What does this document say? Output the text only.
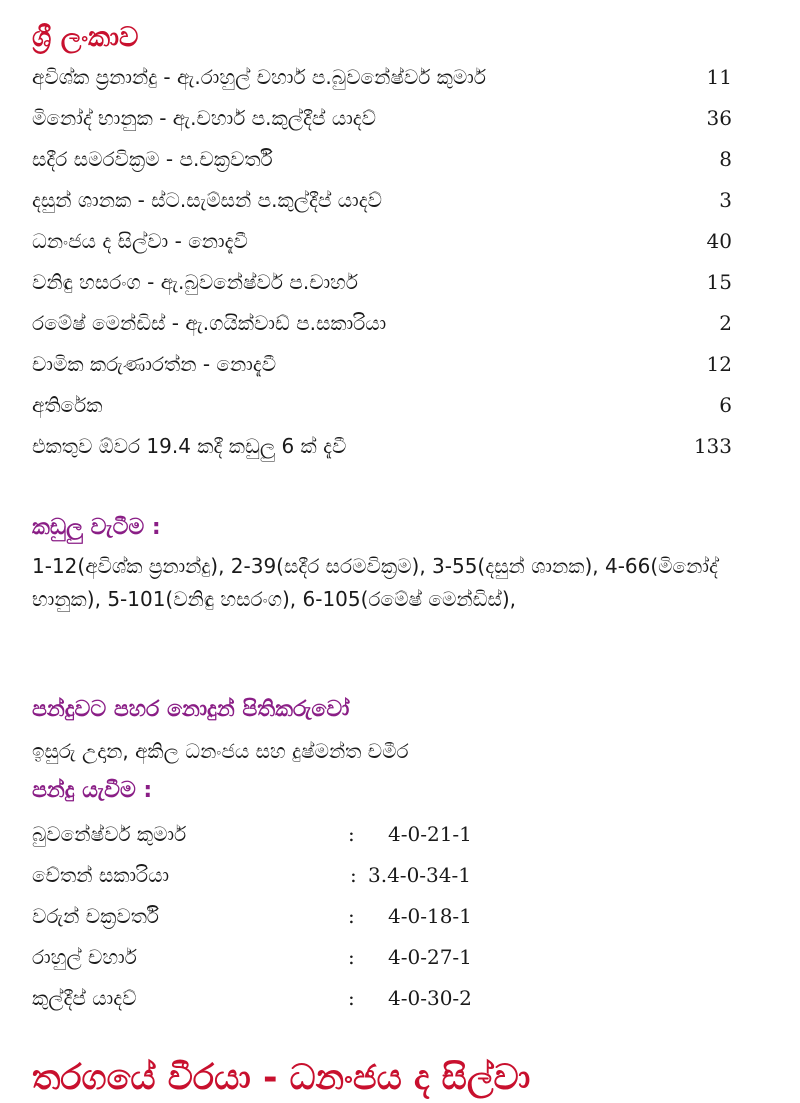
ශ්‍රී ලංකාව
අවිශ්ක ප්‍රනාන්දු - ඇ.රාහුල් චහාර් ප.බුවනේෂ්වර් කුමාර්	11
මිනෝද් භානුක - ඇ.චහාර් ප.කුල්දීප් යාදව්	36
සදීර සමරවික්‍රම - ප.චක්‍රවර්ති	8
දසුන් ශානක - ස්ට.සැම්සන් ප.කුල්දීප් යාදව්	3
ධනංජය ද සිල්වා - නොදැවී	40
වනිඳු හසරංග - ඇ.බුවනේෂ්වර් ප.චාහර්	15
රමේෂ් මෙන්ඩිස් - ඇ.ගයික්වාඩ් ප.සකාරියා	2
චාමික කරුණාරත්න - නොදැවී	12
අතිරේක	6
එකතුව ඕවර 19.4 කදී කඩුලු 6 ක් දැවී	133
කඩුලු වැටීම :
1-12(අවිශ්ක ප්‍රනාන්දු), 2-39(සදීර සරමවික්‍රම), 3-55(දසුන් ශානක), 4-66(මිනෝද් භානුක), 5-101(වනිඳු හසරංග), 6-105(රමේෂ් මෙන්ඩිස්),
පන්දුවට පහර නොදුන් පිතිකරුවෝ
ඉසුරු උදාන, අකිල ධනංජය සහ දුෂ්මන්ත චමීර
පන්දු යැවීම :
බුවනේෂ්වර් කුමාර්	: 4-0-21-1
චේතන් සකාරියා	: 3.4-0-34-1
වරුන් චක්‍රවර්ති	: 4-0-18-1
රාහුල් චහාර්	: 4-0-27-1
කුල්දීප් යාදව්	: 4-0-30-2
තරගයේ වීරයා - ධනංජය ද සිල්වා
